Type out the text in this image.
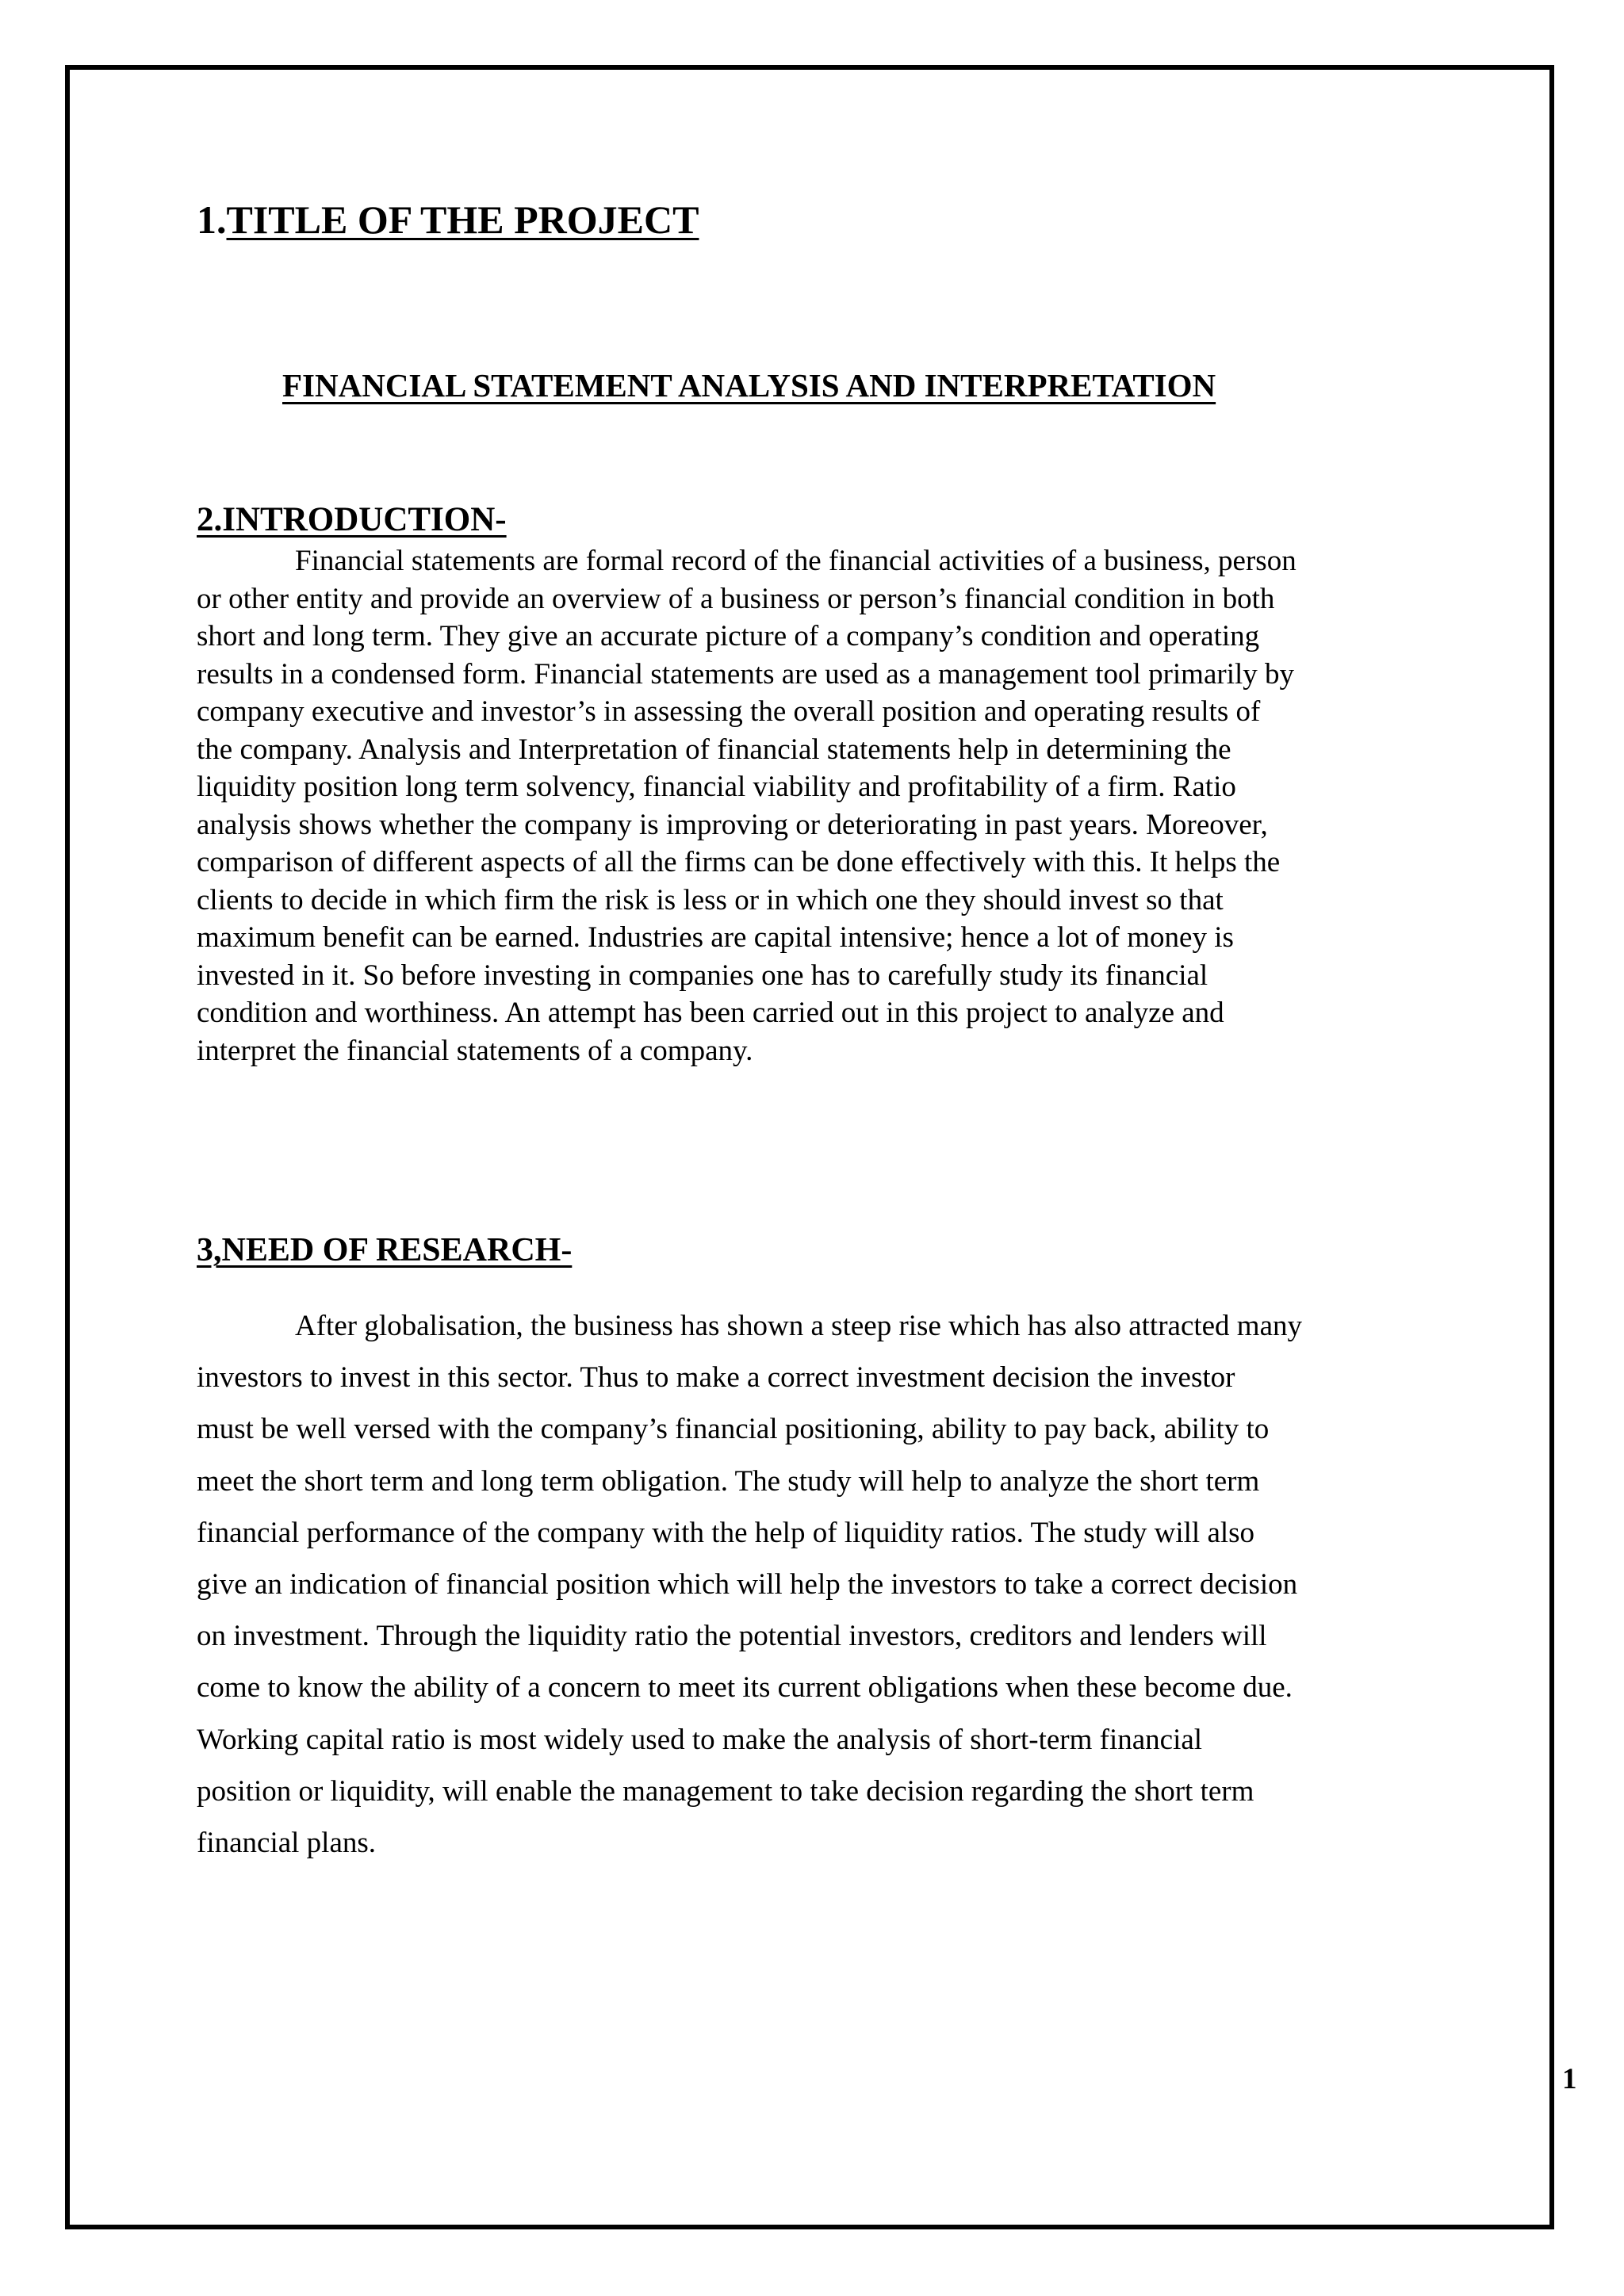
1.TITLE OF THE PROJECT
FINANCIAL STATEMENT ANALYSIS AND INTERPRETATION
2.INTRODUCTION-

Financial statements are formal record of the financial activities of a business, person
or other entity and provide an overview of a business or person’s financial condition in both
short and long term. They give an accurate picture of a company’s condition and operating
results in a condensed form. Financial statements are used as a management tool primarily by
company executive and investor’s in assessing the overall position and operating results of
the company. Analysis and Interpretation of financial statements help in determining the
liquidity position long term solvency, financial viability and profitability of a firm. Ratio
analysis shows whether the company is improving or deteriorating in past years. Moreover,
comparison of different aspects of all the firms can be done effectively with this. It helps the
clients to decide in which firm the risk is less or in which one they should invest so that
maximum benefit can be earned. Industries are capital intensive; hence a lot of money is
invested in it. So before investing in companies one has to carefully study its financial
condition and worthiness. An attempt has been carried out in this project to analyze and
interpret the financial statements of a company.

3,NEED OF RESEARCH-

After globalisation, the business has shown a steep rise which has also attracted many
investors to invest in this sector. Thus to make a correct investment decision the investor
must be well versed with the company’s financial positioning, ability to pay back, ability to
meet the short term and long term obligation. The study will help to analyze the short term
financial performance of the company with the help of liquidity ratios. The study will also
give an indication of financial position which will help the investors to take a correct decision
on investment. Through the liquidity ratio the potential investors, creditors and lenders will
come to know the ability of a concern to meet its current obligations when these become due.
Working capital ratio is most widely used to make the analysis of short-term financial
position or liquidity, will enable the management to take decision regarding the short term
financial plans.

1
